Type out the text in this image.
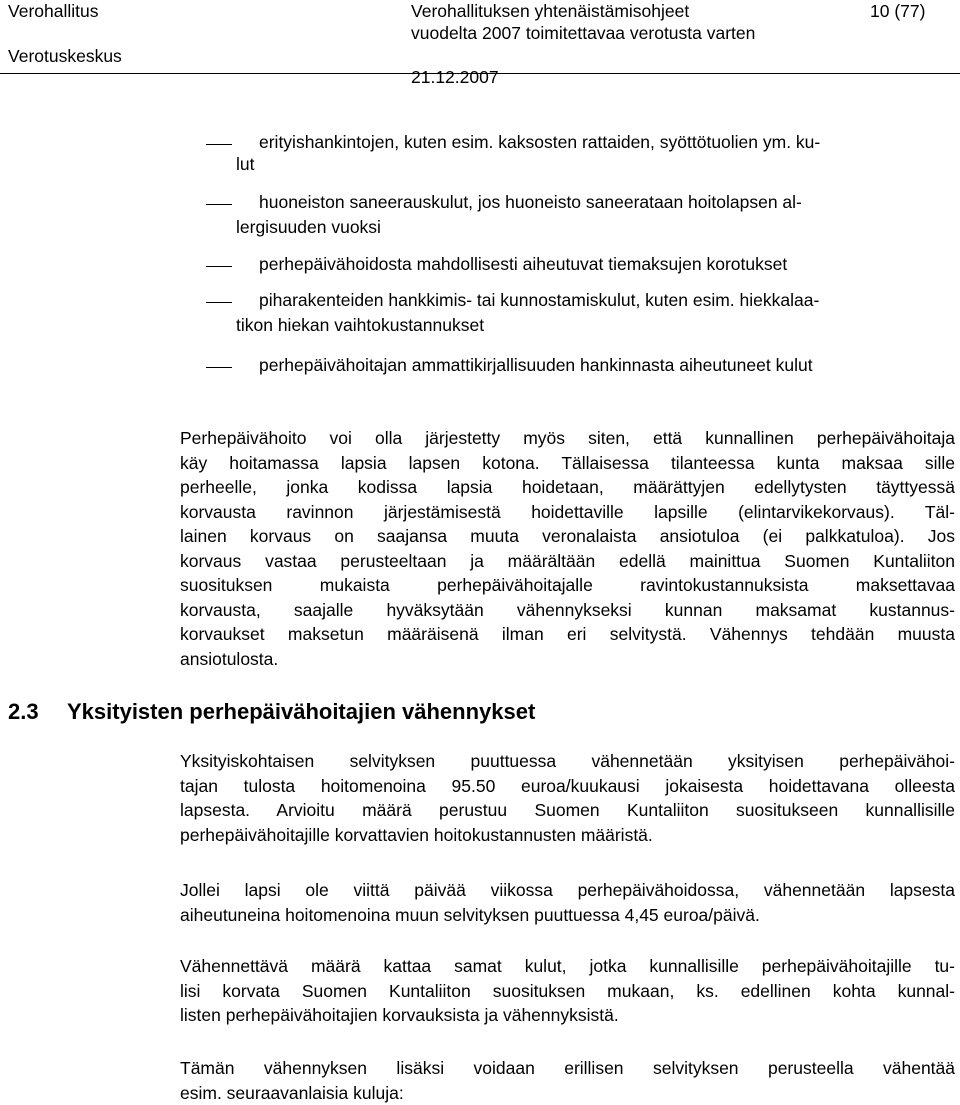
Verohallitus
Verotuskeskus
Verohallituksen yhtenäistämisohjeet
vuodelta 2007 toimitettavaa verotusta varten
21.12.2007
10 (77)
erityishankintojen, kuten esim. kaksosten rattaiden, syöttötuolien ym. ku-
lut
huoneiston saneerauskulut, jos huoneisto saneerataan hoitolapsen al-
lergisuuden vuoksi
perhepäivähoidosta mahdollisesti aiheutuvat tiemaksujen korotukset
piharakenteiden hankkimis- tai kunnostamiskulut, kuten esim. hiekkalaa-
tikon hiekan vaihtokustannukset
perhepäivähoitajan ammattikirjallisuuden hankinnasta aiheutuneet kulut
Perhepäivähoito voi olla järjestetty myös siten, että kunnallinen perhepäivähoitaja
käy hoitamassa lapsia lapsen kotona. Tällaisessa tilanteessa kunta maksaa sille
perheelle, jonka kodissa lapsia hoidetaan, määrättyjen edellytysten täyttyessä
korvausta ravinnon järjestämisestä hoidettaville lapsille (elintarvikekorvaus). Täl-
lainen korvaus on saajansa muuta veronalaista ansiotuloa (ei palkkatuloa). Jos
korvaus vastaa perusteeltaan ja määrältään edellä mainittua Suomen Kuntaliiton
suosituksen mukaista perhepäivähoitajalle ravintokustannuksista maksettavaa
korvausta, saajalle hyväksytään vähennykseksi kunnan maksamat kustannus-
korvaukset maksetun määräisenä ilman eri selvitystä. Vähennys tehdään muusta
ansiotulosta.
2.3 Yksityisten perhepäivähoitajien vähennykset
Yksityiskohtaisen selvityksen puuttuessa vähennetään yksityisen perhepäivähoi-
tajan tulosta hoitomenoina 95.50 euroa/kuukausi jokaisesta hoidettavana olleesta
lapsesta. Arvioitu määrä perustuu Suomen Kuntaliiton suositukseen kunnallisille
perhepäivähoitajille korvattavien hoitokustannusten määristä.
Jollei lapsi ole viittä päivää viikossa perhepäivähoidossa, vähennetään lapsesta
aiheutuneina hoitomenoina muun selvityksen puuttuessa 4,45 euroa/päivä.
Vähennettävä määrä kattaa samat kulut, jotka kunnallisille perhepäivähoitajille tu-
lisi korvata Suomen Kuntaliiton suosituksen mukaan, ks. edellinen kohta kunnal-
listen perhepäivähoitajien korvauksista ja vähennyksistä.
Tämän vähennyksen lisäksi voidaan erillisen selvityksen perusteella vähentää
esim. seuraavanlaisia kuluja:
